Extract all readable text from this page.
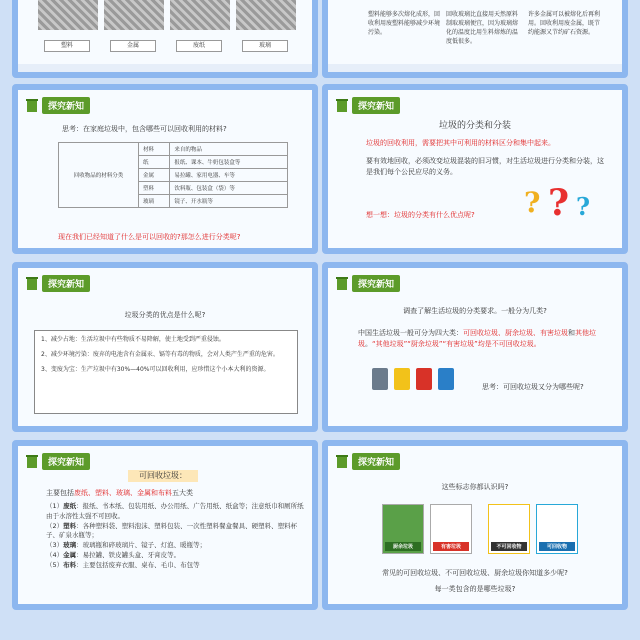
塑料	金属	废纸	玻璃
塑料能够多次熔化成形，回收利用废塑料能够减少环境污染。
回收玻璃比直接用天然原料制取玻璃便宜，因为玻璃熔化的温度比用生料熔炼的温度低很多。
许多金属可以被熔化后再利用。回收利用废金属，既节约能源又节约矿石资源。
探究新知
思考：在家庭垃圾中，包含哪些可以回收利用的材料?
回收物品的材料分类	材料	来自的物品
	纸	报纸、课本、牛奶包装盒等
	金属	易拉罐、家用电器、车等
	塑料	饮料瓶、包装盒（袋）等
	玻璃	镜子、开水瓶等
现在我们已经知道了什么是可以回收的?那怎么进行分类呢?
探究新知
垃圾的分类和分装
垃圾的回收利用，需要把其中可利用的材料区分和集中起来。
要有效地回收，必须改变垃圾混装的旧习惯，对生活垃圾进行分类和分装，这是我们每个公民应尽的义务。
想一想：垃圾的分类有什么优点呢? ? ? ?
探究新知
垃圾分类的优点是什么呢?
1、减少占地：生活垃圾中有些物质不易降解，使土地受到严重侵蚀。
2、减少环境污染：废弃的电池含有金属汞、镉等有毒的物质，会对人类产生严重的危害。
3、变废为宝：生产垃圾中有30%—40%可以回收利用，应珍惜这个小本大利的资源。
探究新知
调查了解生活垃圾的分类要求。一般分为几类?
中国生活垃圾一般可分为四大类：可回收垃圾、厨余垃圾、有害垃圾和其他垃圾。“其他垃圾”“厨余垃圾”“有害垃圾”均是不可回收垃圾。
思考：可回收垃圾又分为哪些呢?
探究新知
可回收垃圾：
主要包括废纸、塑料、玻璃、金属和布料五大类
（1）废纸：报纸、书本纸、包装用纸、办公用纸、广告用纸、纸盒等；注意纸巾和厕所纸由于水溶性太强不可回收。
（2）塑料：各种塑料袋、塑料泡沫、塑料包装、一次性塑料餐盒餐具、硬塑料、塑料杯子、矿泉水瓶等；
（3）玻璃：玻璃瓶和碎玻璃片、镜子、灯泡、暖瓶等；
（4）金属：易拉罐、铁皮罐头盒、牙膏皮等。
（5）布料：主要包括废弃衣服、桌布、毛巾、布包等
探究新知
这些标志你都认识吗?
厨余垃圾	有害垃圾	不可回收物	可回收物
常见的可回收垃圾、不可回收垃圾、厨余垃圾你知道多少呢?
每一类包含的是哪些垃圾?
